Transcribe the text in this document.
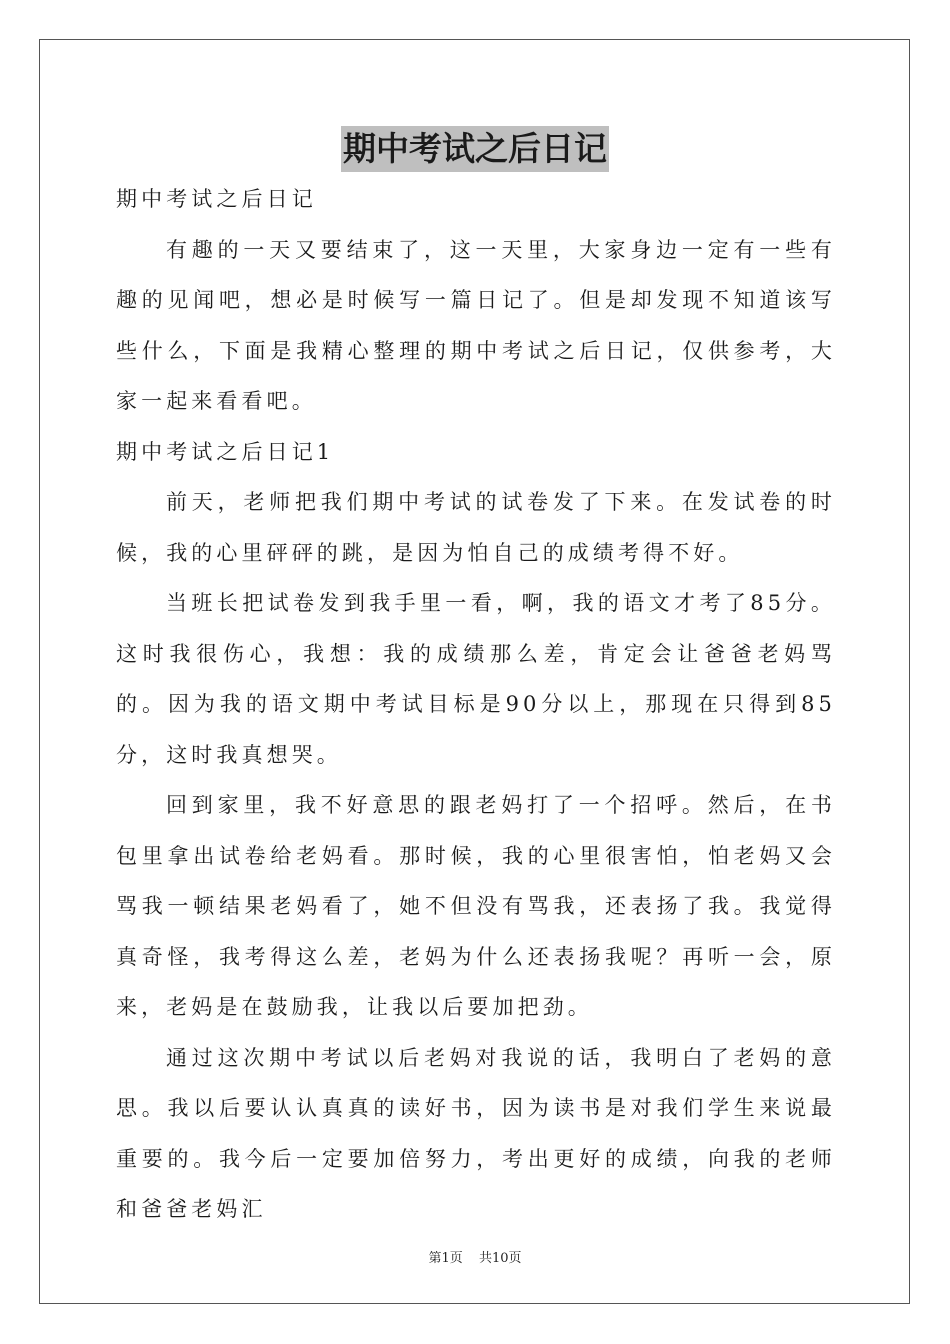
期中考试之后日记

期中考试之后日记

有趣的一天又要结束了，这一天里，大家身边一定有一些有趣的见闻吧，想必是时候写一篇日记了。但是却发现不知道该写些什么，下面是我精心整理的期中考试之后日记，仅供参考，大家一起来看看吧。

期中考试之后日记1

前天，老师把我们期中考试的试卷发了下来。在发试卷的时候，我的心里砰砰的跳，是因为怕自己的成绩考得不好。

当班长把试卷发到我手里一看，啊，我的语文才考了85分。这时我很伤心，我想：我的成绩那么差，肯定会让爸爸老妈骂的。因为我的语文期中考试目标是90分以上，那现在只得到85分，这时我真想哭。

回到家里，我不好意思的跟老妈打了一个招呼。然后，在书包里拿出试卷给老妈看。那时候，我的心里很害怕，怕老妈又会骂我一顿结果老妈看了，她不但没有骂我，还表扬了我。我觉得真奇怪，我考得这么差，老妈为什么还表扬我呢？再听一会，原来，老妈是在鼓励我，让我以后要加把劲。

通过这次期中考试以后老妈对我说的话，我明白了老妈的意思。我以后要认认真真的读好书，因为读书是对我们学生来说最重要的。我今后一定要加倍努力，考出更好的成绩，向我的老师和爸爸老妈汇

第1页 共10页
